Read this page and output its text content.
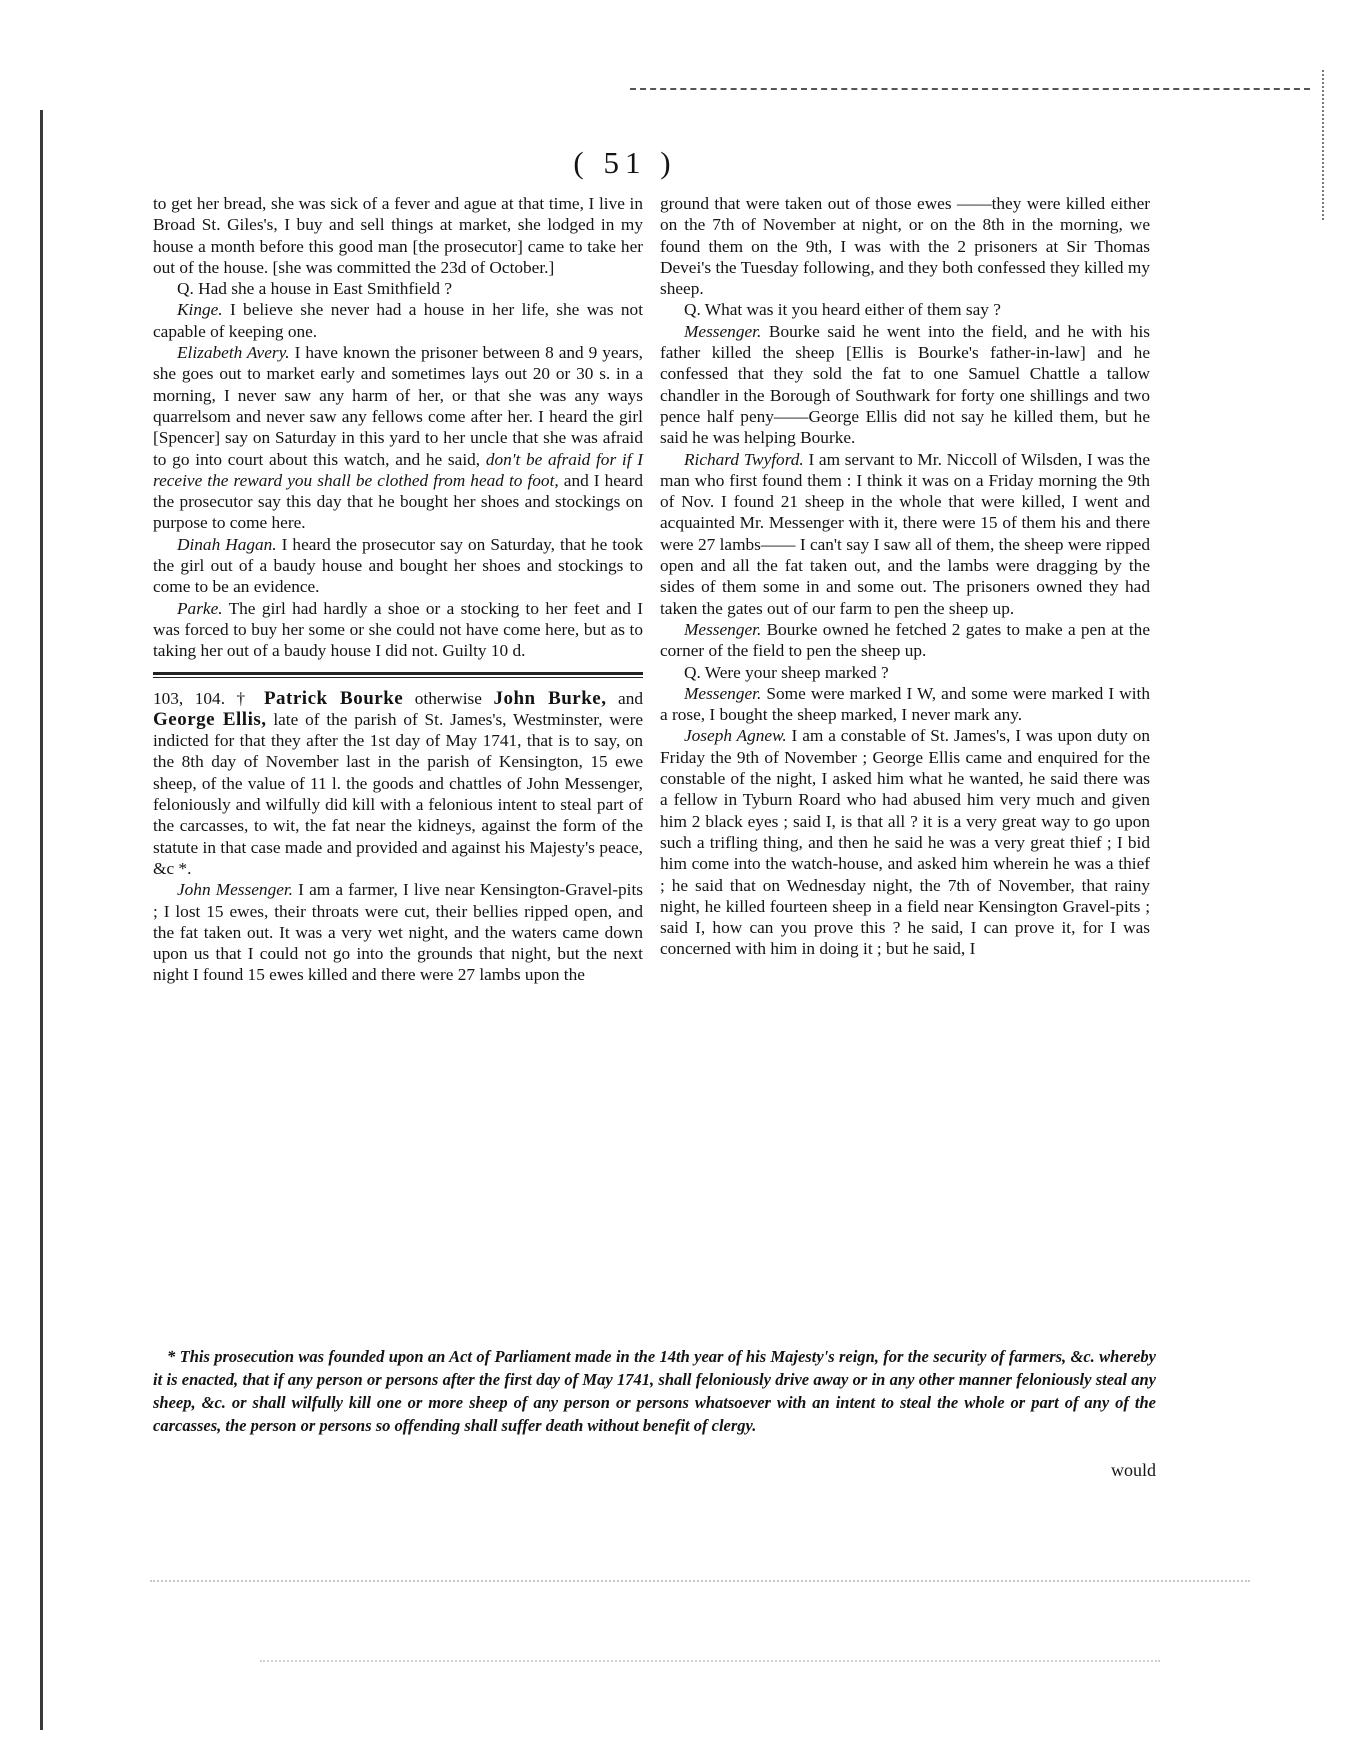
( 51 )

to get her bread, she was sick of a fever and ague at that time, I live in Broad St. Giles's, I buy and sell things at market, she lodged in my house a month before this good man [the prosecutor] came to take her out of the house. [she was committed the 23d of October.]

Q. Had she a house in East Smithfield ?

Kinge. I believe she never had a house in her life, she was not capable of keeping one.

Elizabeth Avery. I have known the prisoner between 8 and 9 years, she goes out to market early and sometimes lays out 20 or 30 s. in a morning, I never saw any harm of her, or that she was any ways quarrelsom and never saw any fellows come after her. I heard the girl [Spencer] say on Saturday in this yard to her uncle that she was afraid to go into court about this watch, and he said, don't be afraid for if I receive the reward you shall be clothed from head to foot, and I heard the prosecutor say this day that he bought her shoes and stockings on purpose to come here.

Dinah Hagan. I heard the prosecutor say on Saturday, that he took the girl out of a baudy house and bought her shoes and stockings to come to be an evidence.

Parke. The girl had hardly a shoe or a stocking to her feet and I was forced to buy her some or she could not have come here, but as to taking her out of a baudy house I did not. Guilty 10 d.

103, 104. † Patrick Bourke otherwise John Burke, and George Ellis, late of the parish of St. James's, Westminster, were indicted for that they after the 1st day of May 1741, that is to say, on the 8th day of November last in the parish of Kensington, 15 ewe sheep, of the value of 11 l. the goods and chattles of John Messenger, feloniously and wilfully did kill with a felonious intent to steal part of the carcasses, to wit, the fat near the kidneys, against the form of the statute in that case made and provided and against his Majesty's peace, &c *.

John Messenger. I am a farmer, I live near Kensington-Gravel-pits ; I lost 15 ewes, their throats were cut, their bellies ripped open, and the fat taken out. It was a very wet night, and the waters came down upon us that I could not go into the grounds that night, but the next night I found 15 ewes killed and there were 27 lambs upon the

ground that were taken out of those ewes ——they were killed either on the 7th of November at night, or on the 8th in the morning, we found them on the 9th, I was with the 2 prisoners at Sir Thomas Devei's the Tuesday following, and they both confessed they killed my sheep.

Q. What was it you heard either of them say ?

Messenger. Bourke said he went into the field, and he with his father killed the sheep [Ellis is Bourke's father-in-law] and he confessed that they sold the fat to one Samuel Chattle a tallow chandler in the Borough of Southwark for forty one shillings and two pence half peny——George Ellis did not say he killed them, but he said he was helping Bourke.

Richard Twyford. I am servant to Mr. Niccoll of Wilsden, I was the man who first found them : I think it was on a Friday morning the 9th of Nov. I found 21 sheep in the whole that were killed, I went and acquainted Mr. Messenger with it, there were 15 of them his and there were 27 lambs—— I can't say I saw all of them, the sheep were ripped open and all the fat taken out, and the lambs were dragging by the sides of them some in and some out. The prisoners owned they had taken the gates out of our farm to pen the sheep up.

Messenger. Bourke owned he fetched 2 gates to make a pen at the corner of the field to pen the sheep up.

Q. Were your sheep marked ?

Messenger. Some were marked I W, and some were marked I with a rose, I bought the sheep marked, I never mark any.

Joseph Agnew. I am a constable of St. James's, I was upon duty on Friday the 9th of November ; George Ellis came and enquired for the constable of the night, I asked him what he wanted, he said there was a fellow in Tyburn Roard who had abused him very much and given him 2 black eyes ; said I, is that all ? it is a very great way to go upon such a trifling thing, and then he said he was a very great thief ; I bid him come into the watch-house, and asked him wherein he was a thief ; he said that on Wednesday night, the 7th of November, that rainy night, he killed fourteen sheep in a field near Kensington Gravel-pits ; said I, how can you prove this ? he said, I can prove it, for I was concerned with him in doing it ; but he said, I

* This prosecution was founded upon an Act of Parliament made in the 14th year of his Majesty's reign, for the security of farmers, &c. whereby it is enacted, that if any person or persons after the first day of May 1741, shall feloniously drive away or in any other manner feloniously steal any sheep, &c. or shall wilfully kill one or more sheep of any person or persons whatsoever with an intent to steal the whole or part of any of the carcasses, the person or persons so offending shall suffer death without benefit of clergy.

would
